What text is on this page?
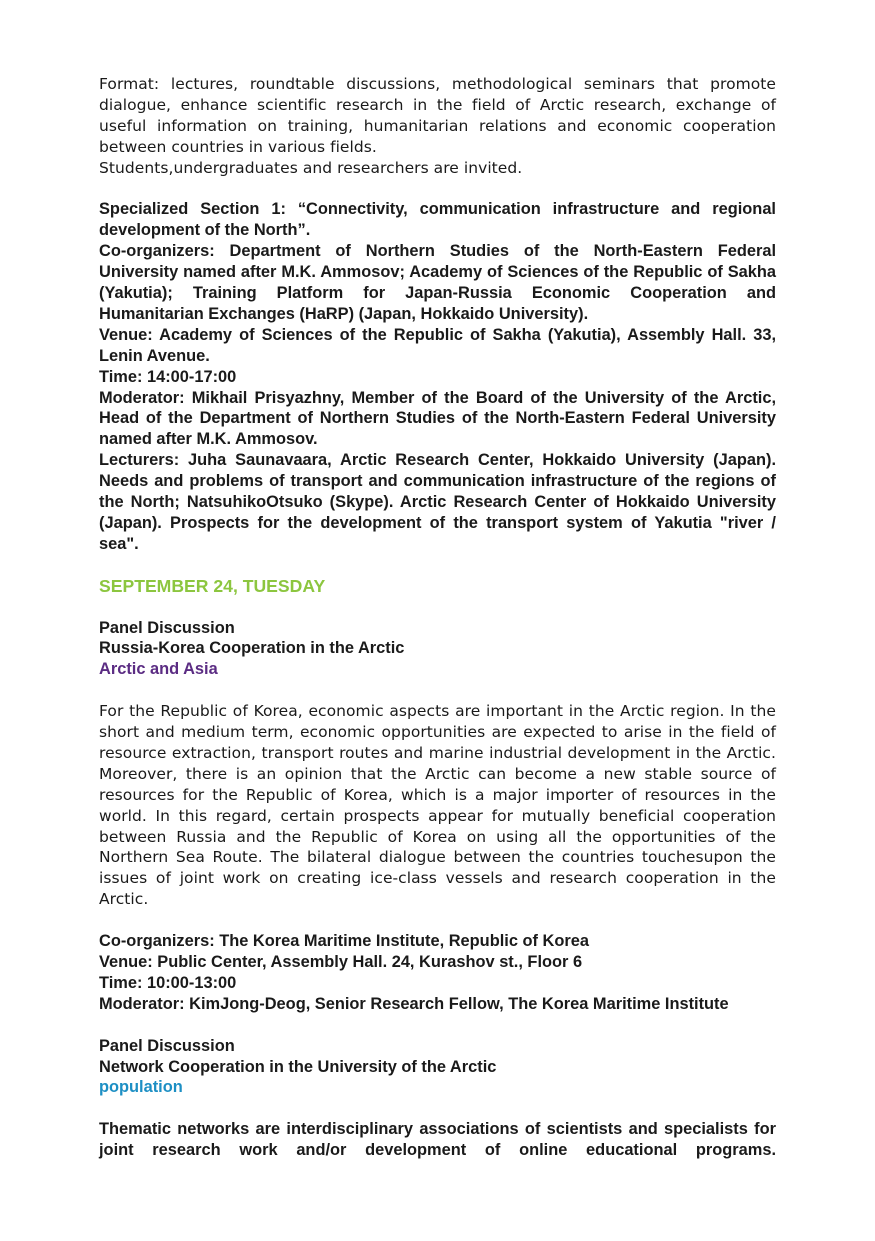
Format: lectures, roundtable discussions, methodological seminars that promote dialogue, enhance scientific research in the field of Arctic research, exchange of useful information on training, humanitarian relations and economic cooperation between countries in various fields.

Students,undergraduates and researchers are invited.

Specialized Section 1: “Connectivity, communication infrastructure and regional development of the North”.

Co-organizers: Department of Northern Studies of the North-Eastern Federal University named after M.K. Ammosov; Academy of Sciences of the Republic of Sakha (Yakutia); Training Platform for Japan-Russia Economic Cooperation and Humanitarian Exchanges (HaRP) (Japan, Hokkaido University).

Venue: Academy of Sciences of the Republic of Sakha (Yakutia), Assembly Hall. 33, Lenin Avenue.

Time: 14:00-17:00

Moderator: Mikhail Prisyazhny, Member of the Board of the University of the Arctic, Head of the Department of Northern Studies of the North-Eastern Federal University named after M.K. Ammosov.

Lecturers: Juha Saunavaara, Arctic Research Center, Hokkaido University (Japan). Needs and problems of transport and communication infrastructure of the regions of the North; NatsuhikoOtsuko (Skype). Arctic Research Center of Hokkaido University (Japan). Prospects for the development of the transport system of Yakutia "river / sea".

SEPTEMBER 24, TUESDAY

Panel Discussion

Russia-Korea Cooperation in the Arctic

Arctic and Asia

For the Republic of Korea, economic aspects are important in the Arctic region. In the short and medium term, economic opportunities are expected to arise in the field of resource extraction, transport routes and marine industrial development in the Arctic. Moreover, there is an opinion that the Arctic can become a new stable source of resources for the Republic of Korea, which is a major importer of resources in the world. In this regard, certain prospects appear for mutually beneficial cooperation between Russia and the Republic of Korea on using all the opportunities of the Northern Sea Route. The bilateral dialogue between the countries touchesupon the issues of joint work on creating ice-class vessels and research cooperation in the Arctic.

Co-organizers: The Korea Maritime Institute, Republic of Korea

Venue: Public Center, Assembly Hall. 24, Kurashov st., Floor 6

Time: 10:00-13:00

Moderator: KimJong-Deog, Senior Research Fellow, The Korea Maritime Institute

Panel Discussion

Network Cooperation in the University of the Arctic

population

Thematic networks are interdisciplinary associations of scientists and specialists for joint research work and/or development of online educational programs.
